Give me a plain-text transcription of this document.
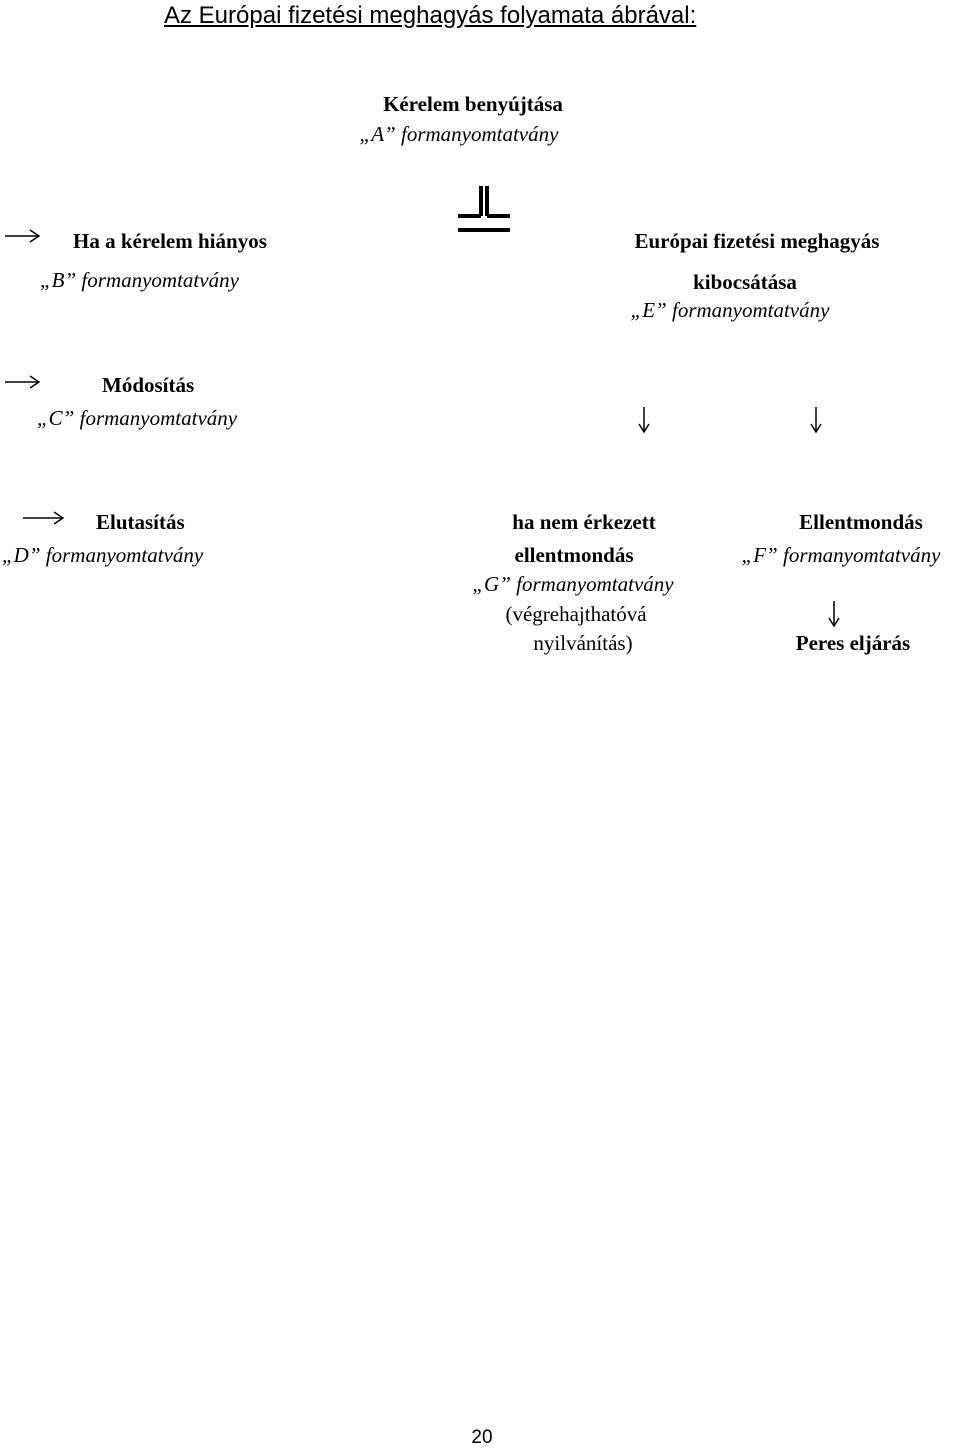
Az Európai fizetési meghagyás folyamata ábrával:
Kérelem benyújtása
„A” formanyomtatvány
Ha a kérelem hiányos
„B” formanyomtatvány
Európai fizetési meghagyás
kibocsátása
„E” formanyomtatvány
Módosítás
„C” formanyomtatvány
Elutasítás
„D” formanyomtatvány
ha nem érkezett
ellentmondás
„G” formanyomtatvány
(végrehajthatóvá
nyilvánítás)
Ellentmondás
„F” formanyomtatvány
Peres eljárás
20
